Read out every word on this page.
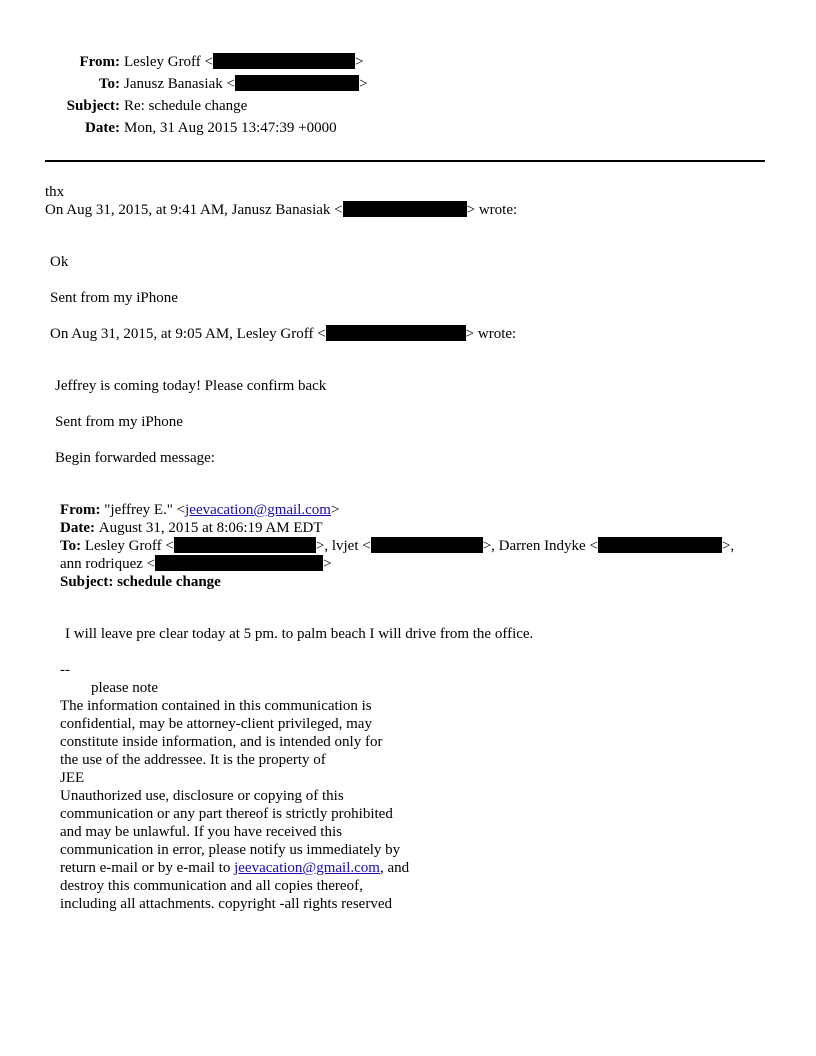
From: Lesley Groff <	>
To: Janusz Banasiak <	>
Subject: Re: schedule change
Date: Mon, 31 Aug 2015 13:47:39 +0000
thx
On Aug 31, 2015, at 9:41 AM, Janusz Banasiak <	> wrote:
Ok
Sent from my iPhone
On Aug 31, 2015, at 9:05 AM, Lesley Groff <	> wrote:
Jeffrey is coming today! Please confirm back
Sent from my iPhone
Begin forwarded message:
From: "jeffrey E." <jeevacation@gmail.com>
Date: August 31, 2015 at 8:06:19 AM EDT
To: Lesley Groff <	>, lvjet <	>, Darren Indyke <	>,
ann rodriquez <	>
Subject: schedule change
I will leave pre clear today at 5 pm. to palm beach I will drive from the office.
--
please note
The information contained in this communication is
confidential, may be attorney-client privileged, may
constitute inside information, and is intended only for
the use of the addressee. It is the property of
JEE
Unauthorized use, disclosure or copying of this
communication or any part thereof is strictly prohibited
and may be unlawful. If you have received this
communication in error, please notify us immediately by
return e-mail or by e-mail to jeevacation@gmail.com, and
destroy this communication and all copies thereof,
including all attachments. copyright -all rights reserved
